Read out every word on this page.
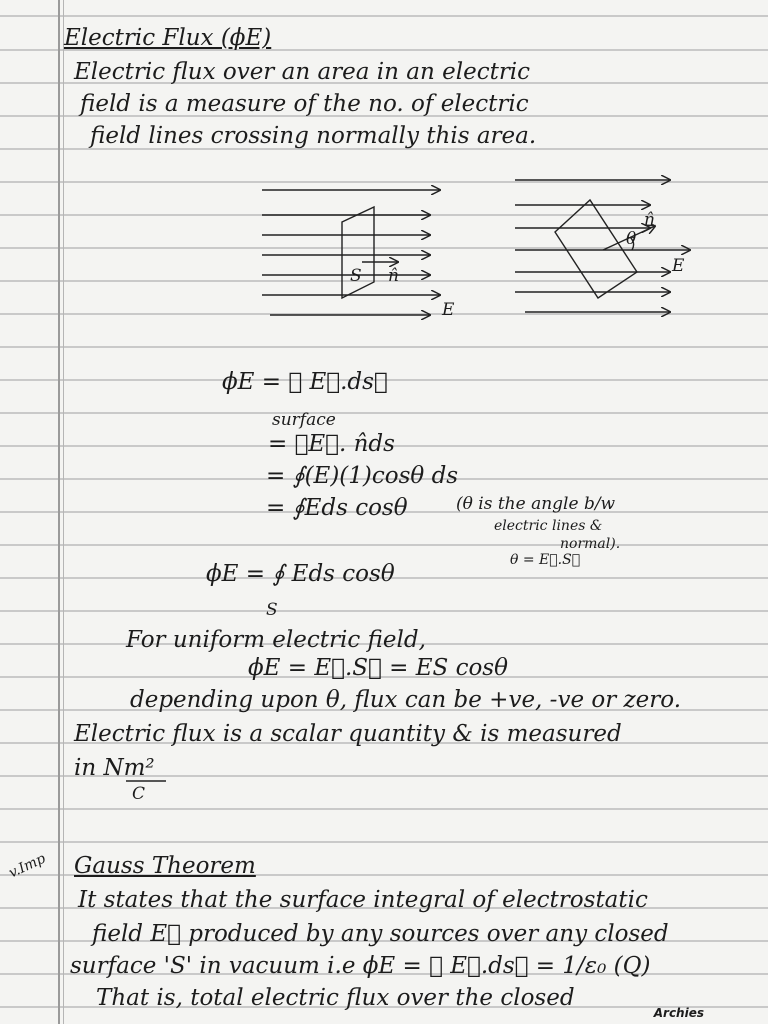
Electric Flux (ϕE)
Electric flux over an area in an electric
field is a measure of the no. of electric
field lines crossing normally this area.
S n̂
E
θ
n̂
E
ϕE = ∮ E⃗.ds⃗
surface
= ∮E⃗. n̂ds
= ∮(E)(1)cosθ ds
= ∮Eds cosθ	(θ is the angle b/w
electric lines &
normal).
θ = E⃗.S⃗
ϕE = ∮ Eds cosθ
S
For uniform electric field,
ϕE = E⃗.S⃗ = ES cosθ
depending upon θ, flux can be +ve, -ve or zero.
Electric flux is a scalar quantity & is measured
in Nm²
C
v.Imp Gauss Theorem
It states that the surface integral of electrostatic
field E⃗ produced by any sources over any closed
surface 'S' in vacuum i.e ϕE = ∮ E⃗.ds⃗ = 1/ε₀ (Q)
That is, total electric flux over the closed
Archies
